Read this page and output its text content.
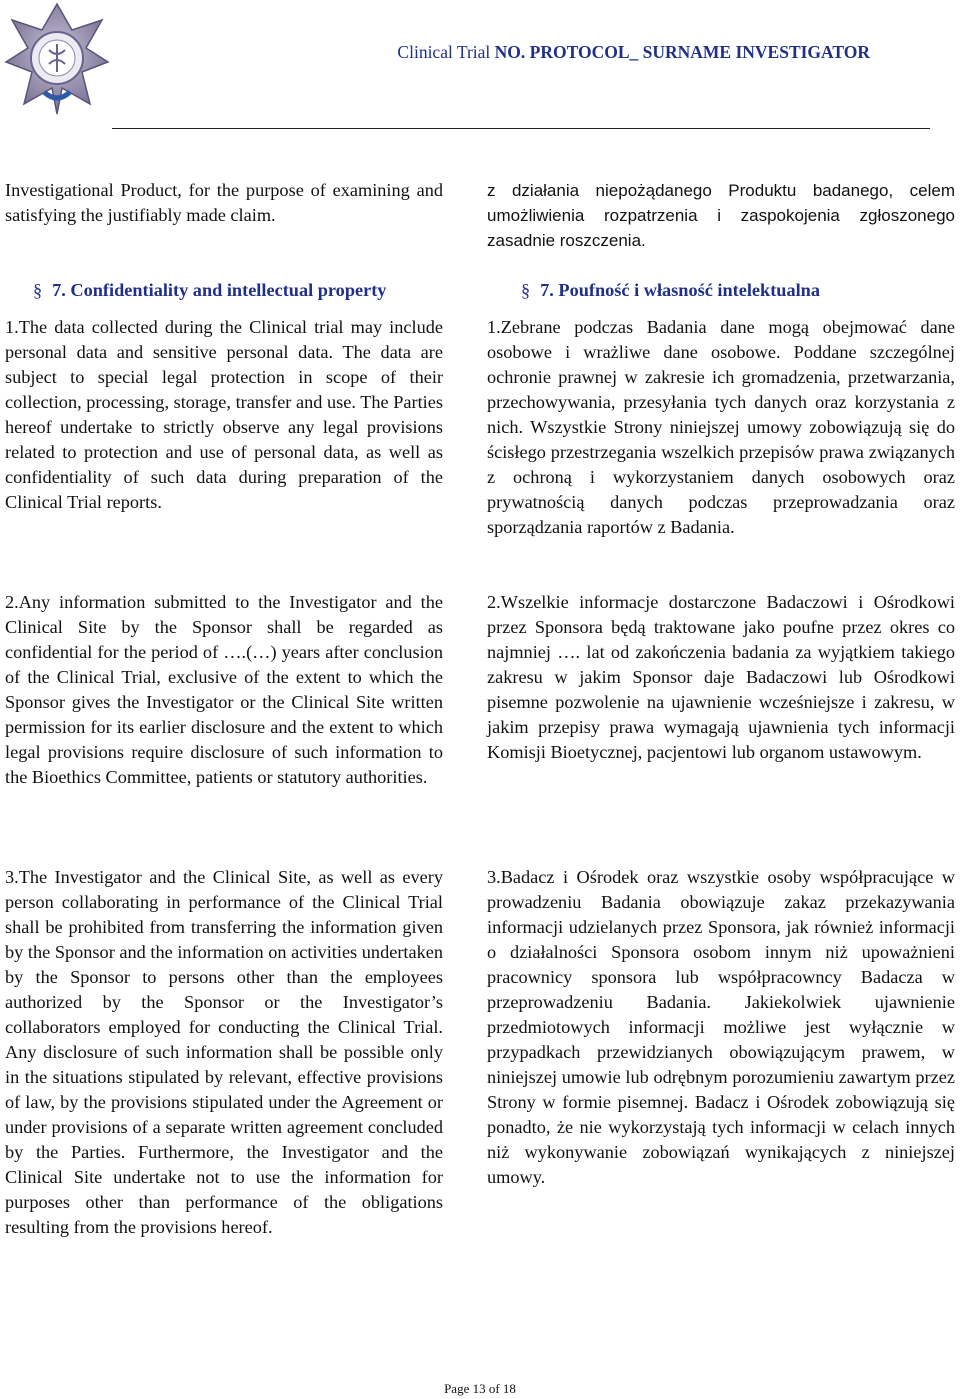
Clinical Trial NO. PROTOCOL_ SURNAME INVESTIGATOR

Investigational Product, for the purpose of examining and satisfying the justifiably made claim.

§ 7. Confidentiality and intellectual property

1.The data collected during the Clinical trial may include personal data and sensitive personal data. The data are subject to special legal protection in scope of their collection, processing, storage, transfer and use. The Parties hereof undertake to strictly observe any legal provisions related to protection and use of personal data, as well as confidentiality of such data during preparation of the Clinical Trial reports.

2.Any information submitted to the Investigator and the Clinical Site by the Sponsor shall be regarded as confidential for the period of ….(…) years after conclusion of the Clinical Trial, exclusive of the extent to which the Sponsor gives the Investigator or the Clinical Site written permission for its earlier disclosure and the extent to which legal provisions require disclosure of such information to the Bioethics Committee, patients or statutory authorities.

3.The Investigator and the Clinical Site, as well as every person collaborating in performance of the Clinical Trial shall be prohibited from transferring the information given by the Sponsor and the information on activities undertaken by the Sponsor to persons other than the employees authorized by the Sponsor or the Investigator’s collaborators employed for conducting the Clinical Trial. Any disclosure of such information shall be possible only in the situations stipulated by relevant, effective provisions of law, by the provisions stipulated under the Agreement or under provisions of a separate written agreement concluded by the Parties. Furthermore, the Investigator and the Clinical Site undertake not to use the information for purposes other than performance of the obligations resulting from the provisions hereof.

z działania niepożądanego Produktu badanego, celem umożliwienia rozpatrzenia i zaspokojenia zgłoszonego zasadnie roszczenia.

§ 7. Poufność i własność intelektualna

1.Zebrane podczas Badania dane mogą obejmować dane osobowe i wrażliwe dane osobowe. Poddane szczególnej ochronie prawnej w zakresie ich gromadzenia, przetwarzania, przechowywania, przesyłania tych danych oraz korzystania z nich. Wszystkie Strony niniejszej umowy zobowiązują się do ścisłego przestrzegania wszelkich przepisów prawa związanych z ochroną i wykorzystaniem danych osobowych oraz prywatnością danych podczas przeprowadzania oraz sporządzania raportów z Badania.

2.Wszelkie informacje dostarczone Badaczowi i Ośrodkowi przez Sponsora będą traktowane jako poufne przez okres co najmniej …. lat od zakończenia badania za wyjątkiem takiego zakresu w jakim Sponsor daje Badaczowi lub Ośrodkowi pisemne pozwolenie na ujawnienie wcześniejsze i zakresu, w jakim przepisy prawa wymagają ujawnienia tych informacji Komisji Bioetycznej, pacjentowi lub organom ustawowym.

3.Badacz i Ośrodek oraz wszystkie osoby współpracujące w prowadzeniu Badania obowiązuje zakaz przekazywania informacji udzielanych przez Sponsora, jak również informacji o działalności Sponsora osobom innym niż upoważnieni pracownicy sponsora lub współpracowncy Badacza w przeprowadzeniu Badania. Jakiekolwiek ujawnienie przedmiotowych informacji możliwe jest wyłącznie w przypadkach przewidzianych obowiązującym prawem, w niniejszej umowie lub odrębnym porozumieniu zawartym przez Strony w formie pisemnej. Badacz i Ośrodek zobowiązują się ponadto, że nie wykorzystają tych informacji w celach innych niż wykonywanie zobowiązań wynikających z niniejszej umowy.

Page 13 of 18
